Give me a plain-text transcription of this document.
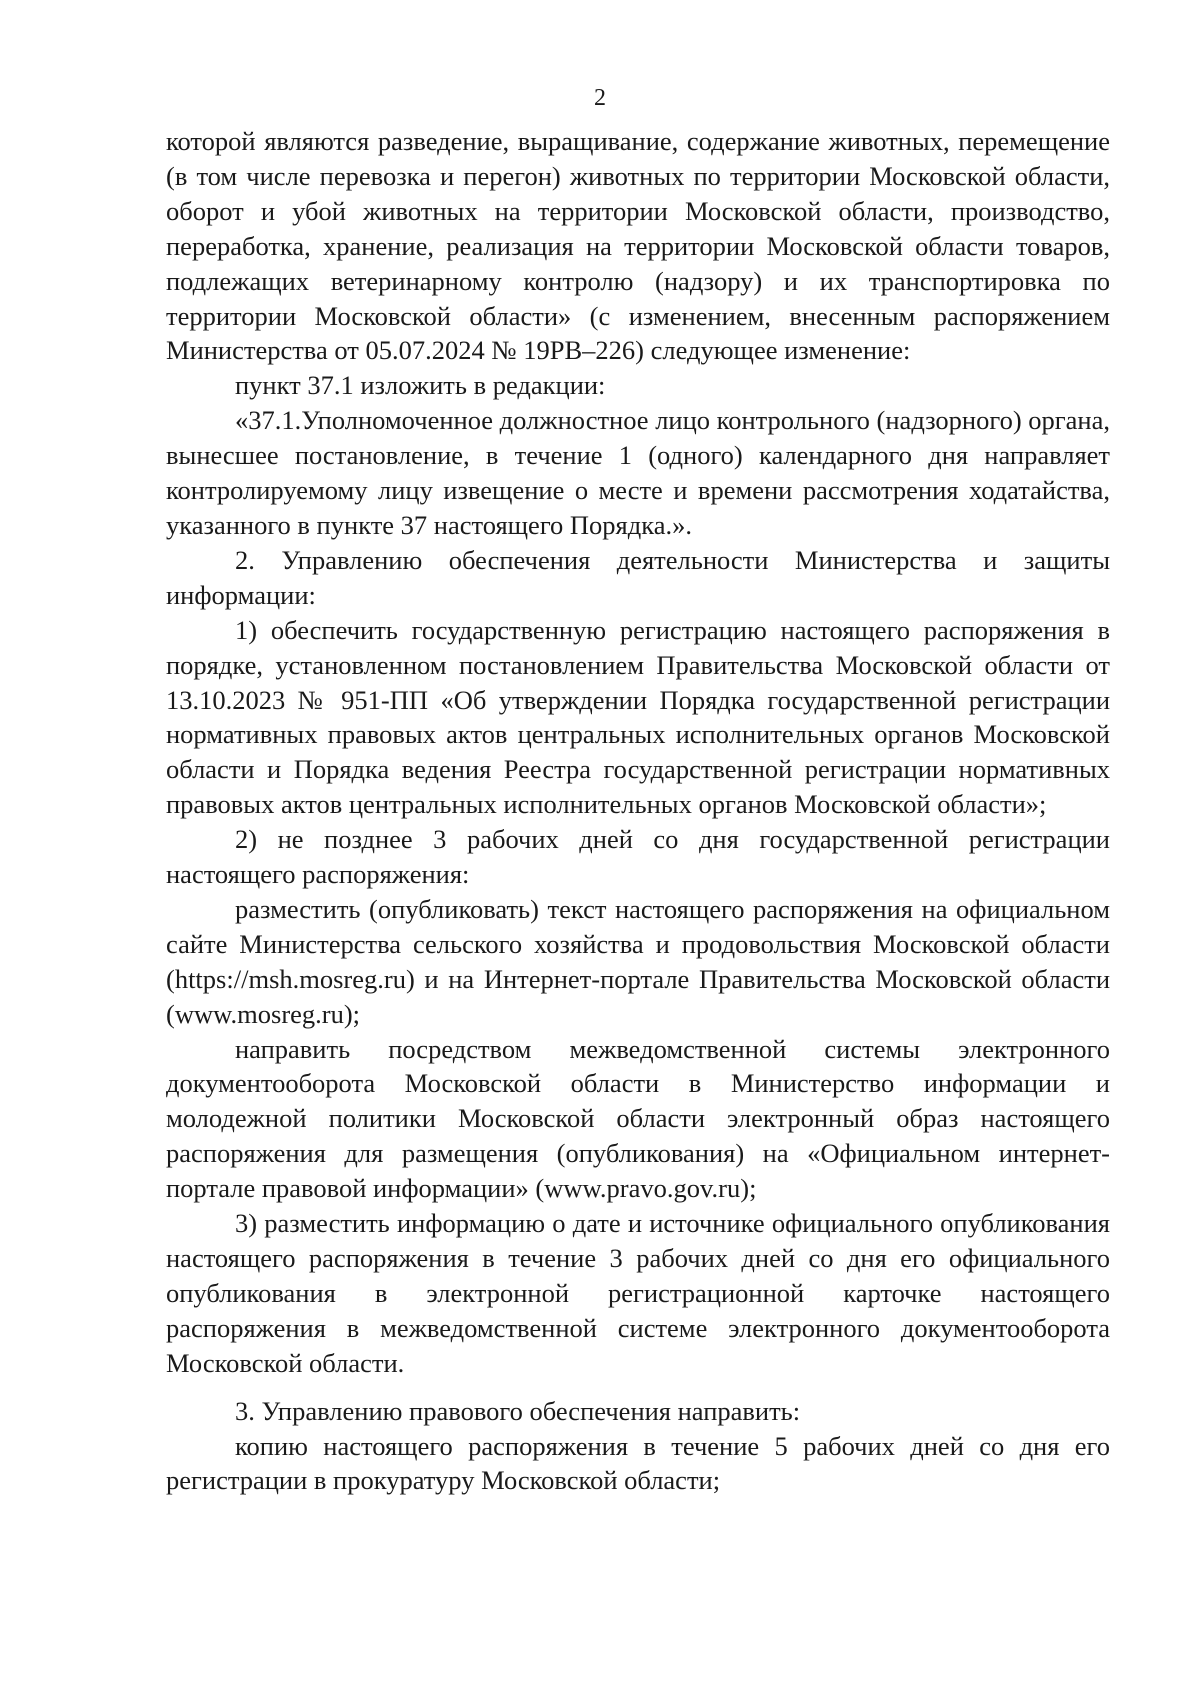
2

которой являются разведение, выращивание, содержание животных, перемещение (в том числе перевозка и перегон) животных по территории Московской области, оборот и убой животных на территории Московской области, производство, переработка, хранение, реализация на территории Московской области товаров, подлежащих ветеринарному контролю (надзору) и их транспортировка по территории Московской области» (с изменением, внесенным распоряжением Министерства от 05.07.2024 № 19РВ–226) следующее изменение:

пункт 37.1 изложить в редакции:

«37.1.Уполномоченное должностное лицо контрольного (надзорного) органа, вынесшее постановление, в течение 1 (одного) календарного дня направляет контролируемому лицу извещение о месте и времени рассмотрения ходатайства, указанного в пункте 37 настоящего Порядка.».

2. Управлению обеспечения деятельности Министерства и защиты информации:

1) обеспечить государственную регистрацию настоящего распоряжения в порядке, установленном постановлением Правительства Московской области от 13.10.2023 № 951-ПП «Об утверждении Порядка государственной регистрации нормативных правовых актов центральных исполнительных органов Московской области и Порядка ведения Реестра государственной регистрации нормативных правовых актов центральных исполнительных органов Московской области»;

2) не позднее 3 рабочих дней со дня государственной регистрации настоящего распоряжения:

разместить (опубликовать) текст настоящего распоряжения на официальном сайте Министерства сельского хозяйства и продовольствия Московской области (https://msh.mosreg.ru) и на Интернет-портале Правительства Московской области (www.mosreg.ru);

направить посредством межведомственной системы электронного документооборота Московской области в Министерство информации и молодежной политики Московской области электронный образ настоящего распоряжения для размещения (опубликования) на «Официальном интернет-портале правовой информации» (www.pravo.gov.ru);

3) разместить информацию о дате и источнике официального опубликования настоящего распоряжения в течение 3 рабочих дней со дня его официального опубликования в электронной регистрационной карточке настоящего распоряжения в межведомственной системе электронного документооборота Московской области.

3. Управлению правового обеспечения направить:

копию настоящего распоряжения в течение 5 рабочих дней со дня его регистрации в прокуратуру Московской области;
